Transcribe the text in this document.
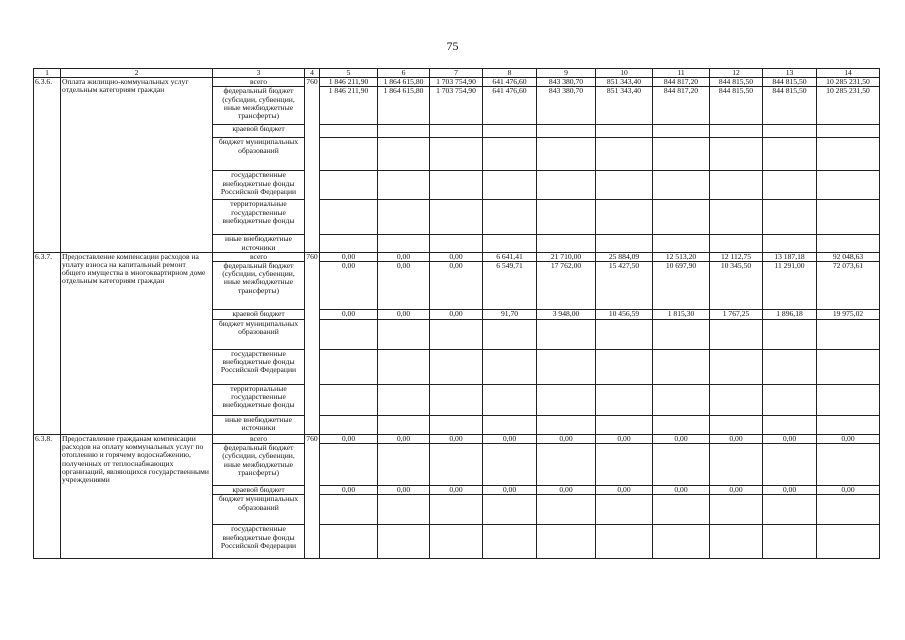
75
1	2	3	4	5	6	7	8	9	10	11	12	13	14
6.3.6.	Оплата жилищно-коммунальных услуг отдельным категориям граждан	всего	760	1 846 211,90	1 864 615,80	1 703 754,90	641 476,60	843 380,70	851 343,40	844 817,20	844 815,50	844 815,50	10 285 231,50
		федеральный бюджет (субсидии, субвенции, иные межбюджетные трансферты)		1 846 211,90	1 864 615,80	1 703 754,90	641 476,60	843 380,70	851 343,40	844 817,20	844 815,50	844 815,50	10 285 231,50
		краевой бюджет											
		бюджет муниципальных образований											
		государственные внебюджетные фонды Российской Федерации											
		территориальные государственные внебюджетные фонды											
		иные внебюджетные источники											
6.3.7.	Предоставление компенсации расходов на уплату взноса на капитальный ремонт общего имущества в многоквартирном доме отдельным категориям граждан	всего	760	0,00	0,00	0,00	6 641,41	21 710,00	25 884,09	12 513,20	12 112,75	13 187,18	92 048,63
		федеральный бюджет (субсидии, субвенции, иные межбюджетные трансферты)		0,00	0,00	0,00	6 549,71	17 762,00	15 427,50	10 697,90	10 345,50	11 291,00	72 073,61
		краевой бюджет		0,00	0,00	0,00	91,70	3 948,00	10 456,59	1 815,30	1 767,25	1 896,18	19 975,02
		бюджет муниципальных образований											
		государственные внебюджетные фонды Российской Федерации											
		территориальные государственные внебюджетные фонды											
		иные внебюджетные источники											
6.3.8.	Предоставление гражданам компенсации расходов на оплату коммунальных услуг по отоплению и горячему водоснабжению, полученных от теплоснабжающих организаций, являющихся государственными учреждениями	всего	760	0,00	0,00	0,00	0,00	0,00	0,00	0,00	0,00	0,00	0,00
		федеральный бюджет (субсидии, субвенции, иные межбюджетные трансферты)											
		краевой бюджет		0,00	0,00	0,00	0,00	0,00	0,00	0,00	0,00	0,00	0,00
		бюджет муниципальных образований											
		государственные внебюджетные фонды Российской Федерации											
